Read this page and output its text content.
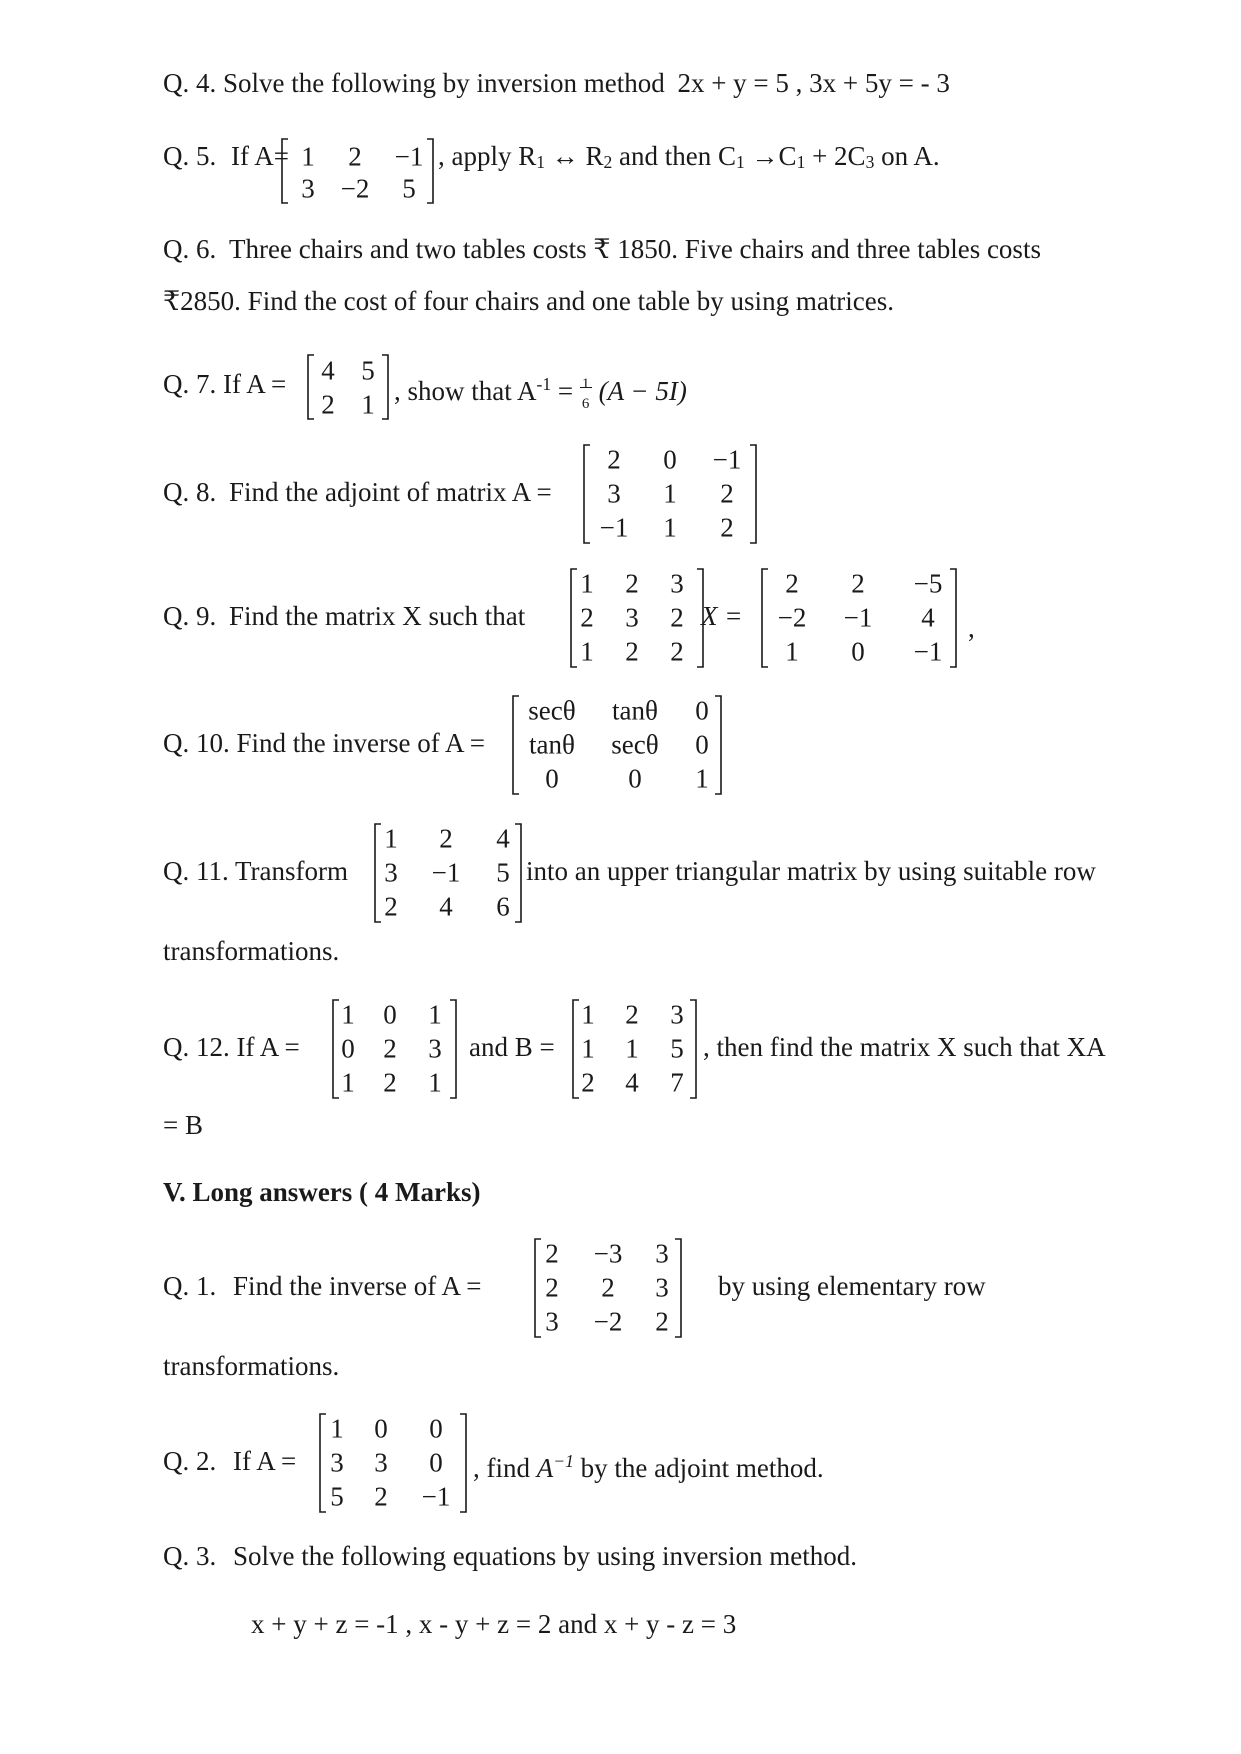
Q. 4. Solve the following by inversion method 2x + y = 5 , 3x + 5y = - 3
Q. 5. If A= 1	2	−1
3 −2	5
, apply $R_1$ ↔ $R_2$ and then $C_1 \to C_1 + 2C_3$ on A.
Q. 6. Three chairs and two tables costs ₹ 1850. Five chairs and three tables costs
₹2850. Find the cost of four chairs and one table by using matrices.
Q. 7. If A =	4 5
2 1 , show that $A^{-1} = 1$
6 (A − 5I)
Q. 8. Find the adjoint of matrix A =
2	0	−1
3	1	2
−1	1	2
Q. 9. Find the matrix X such that
1	2	3
2	3	2
1	2	2
X =
2	2	−5
−2	−1	4
1	0	−1
,
Q. 10. Find the inverse of A =
secθ	tanθ	0
tanθ	secθ	0
0	0	1
Q. 11. Transform
1	2	4
3	−1	5
2	4	6
into an upper triangular matrix by using suitable row
transformations.
Q. 12. If A =
1	0	1
0	2	3
1	2	1
and B =
1	2	3
1	1	5
2	4	7
, then find the matrix X such that XA
= B
V. Long answers ( 4 Marks)
Q. 1. Find the inverse of A =
2	−3	3
2	2	3
3	−2	2
by using elementary row
transformations.
Q. 2. If A =
1	0	0
3	3	0
5	2	−1
, find $A^{-1}$ by the adjoint method.
Q. 3. Solve the following equations by using inversion method.
x + y + z = -1 , x - y + z = 2 and x + y - z = 3
